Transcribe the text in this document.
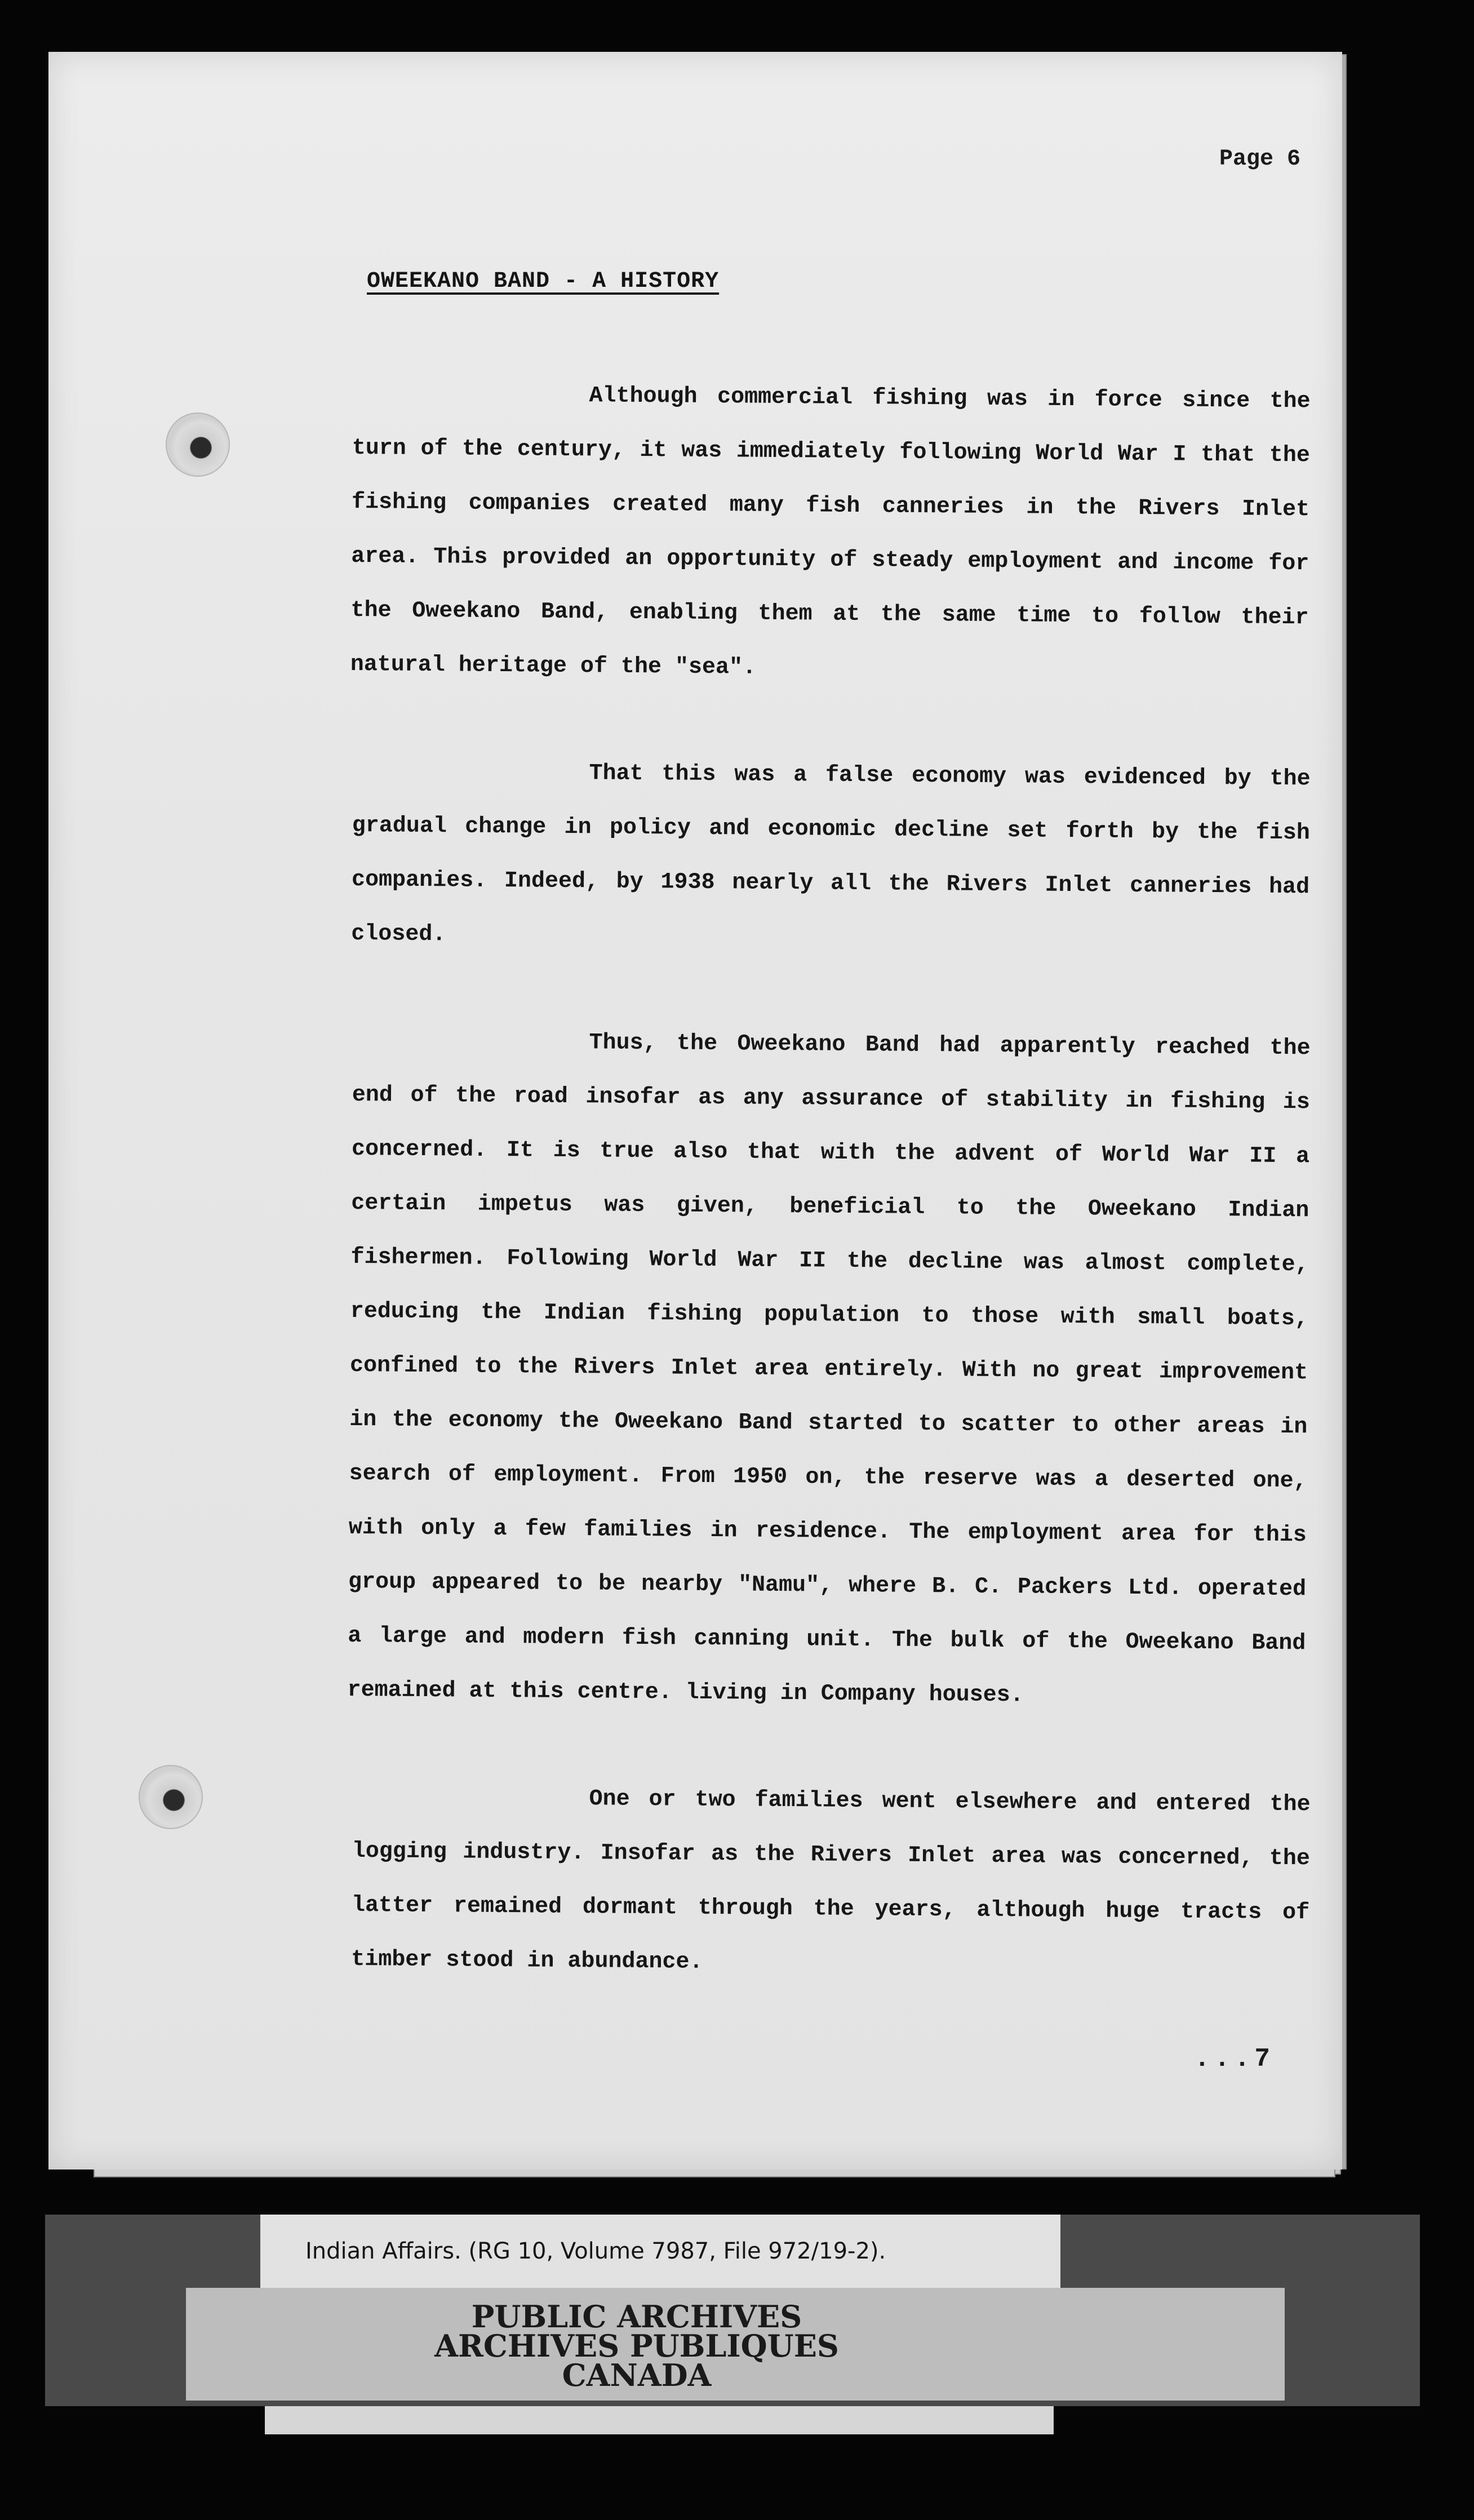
Page 6
OWEEKANO BAND - A HISTORY

Although commercial fishing was in force since the turn of the century, it was immediately following World War I that the fishing companies created many fish canneries in the Rivers Inlet area. This provided an opportunity of steady employment and income for the Oweekano Band, enabling them at the same time to follow their natural heritage of the "sea".

That this was a false economy was evidenced by the gradual change in policy and economic decline set forth by the fish companies. Indeed, by 1938 nearly all the Rivers Inlet canneries had closed.

Thus, the Oweekano Band had apparently reached the end of the road insofar as any assurance of stability in fishing is concerned. It is true also that with the advent of World War II a certain impetus was given, beneficial to the Oweekano Indian fishermen. Following World War II the decline was almost complete, reducing the Indian fishing population to those with small boats, confined to the Rivers Inlet area entirely. With no great improvement in the economy the Oweekano Band started to scatter to other areas in search of employment. From 1950 on, the reserve was a deserted one, with only a few families in residence. The employment area for this group appeared to be nearby "Namu", where B. C. Packers Ltd. operated a large and modern fish canning unit. The bulk of the Oweekano Band remained at this centre. living in Company houses.

One or two families went elsewhere and entered the logging industry. Insofar as the Rivers Inlet area was concerned, the latter remained dormant through the years, although huge tracts of timber stood in abundance.

...7
Indian Affairs. (RG 10, Volume 7987, File 972/19-2).
PUBLIC ARCHIVES
ARCHIVES PUBLIQUES
CANADA
